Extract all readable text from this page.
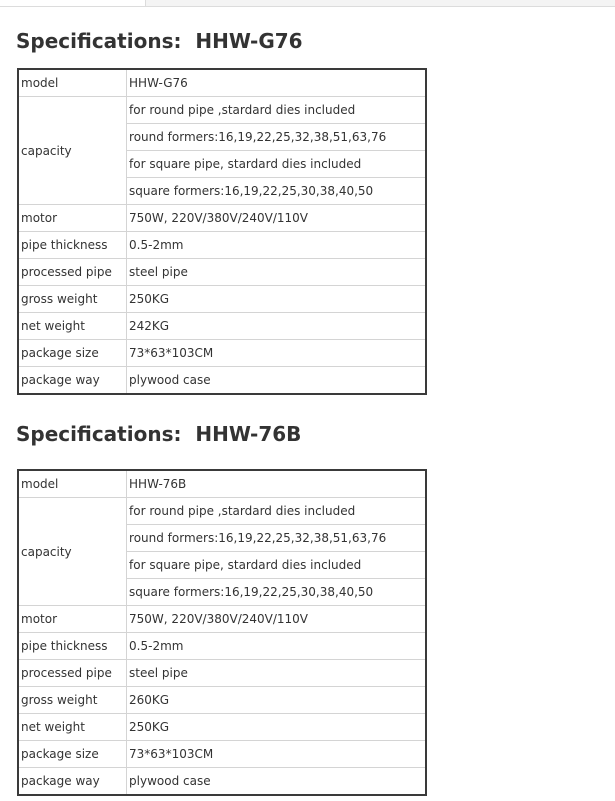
Specifications:  HHW-G76
model	HHW-G76
capacity	for round pipe ,stardard dies included
	round formers:16,19,22,25,32,38,51,63,76
	for square pipe, stardard dies included
	square formers:16,19,22,25,30,38,40,50
motor	750W, 220V/380V/240V/110V
pipe thickness	0.5-2mm
processed pipe	steel pipe
gross weight	250KG
net weight	242KG
package size	73*63*103CM
package way	plywood case
Specifications:  HHW-76B
model	HHW-76B
capacity	for round pipe ,stardard dies included
	round formers:16,19,22,25,32,38,51,63,76
	for square pipe, stardard dies included
	square formers:16,19,22,25,30,38,40,50
motor	750W, 220V/380V/240V/110V
pipe thickness	0.5-2mm
processed pipe	steel pipe
gross weight	260KG
net weight	250KG
package size	73*63*103CM
package way	plywood case
